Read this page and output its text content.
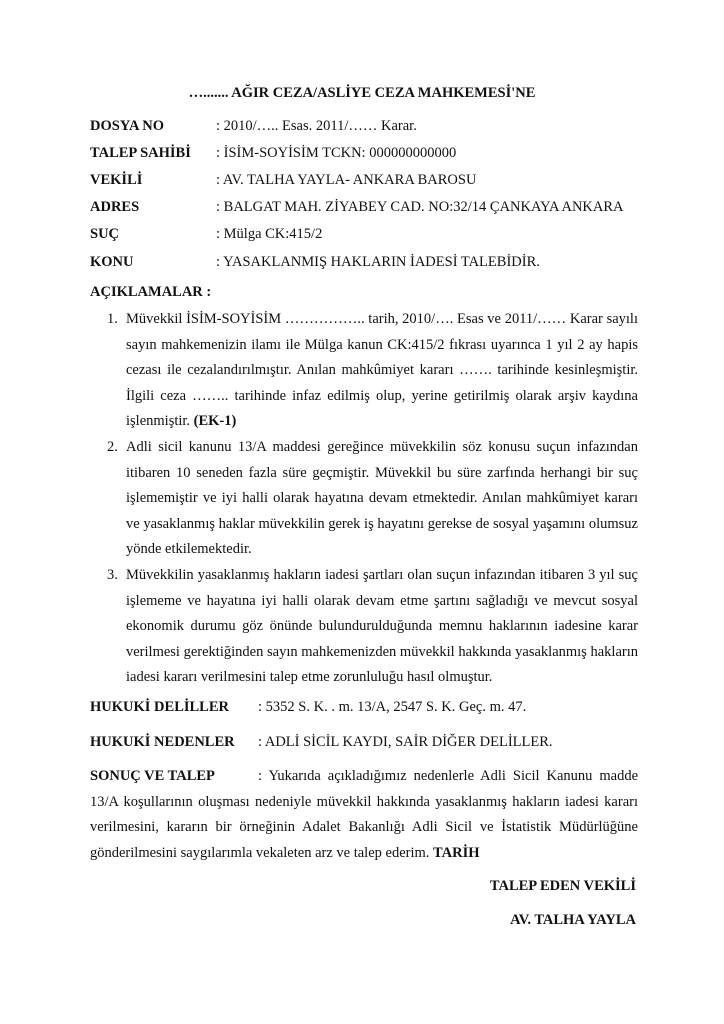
…....... AĞIR CEZA/ASLİYE CEZA MAHKEMESİ'NE
DOSYA NO	: 2010/….. Esas. 2011/…… Karar.
TALEP SAHİBİ : İSİM-SOYİSİM TCKN: 000000000000
VEKİLİ	: AV. TALHA YAYLA- ANKARA BAROSU
ADRES	: BALGAT MAH. ZİYABEY CAD. NO:32/14 ÇANKAYA ANKARA
SUÇ	: Mülga CK:415/2
KONU	: YASAKLANMIŞ HAKLARIN İADESİ TALEBİDİR.
AÇIKLAMALAR :
1. Müvekkil İSİM-SOYİSİM …………….. tarih, 2010/…. Esas ve 2011/…… Karar sayılı sayın mahkemenizin ilamı ile Mülga kanun CK:415/2 fıkrası uyarınca 1 yıl 2 ay hapis cezası ile cezalandırılmıştır. Anılan mahkûmiyet kararı ……. tarihinde kesinleşmiştir. İlgili ceza …….. tarihinde infaz edilmiş olup, yerine getirilmiş olarak arşiv kaydına işlenmiştir. (EK-1)
2. Adli sicil kanunu 13/A maddesi gereğince müvekkilin söz konusu suçun infazından itibaren 10 seneden fazla süre geçmiştir. Müvekkil bu süre zarfında herhangi bir suç işlememiştir ve iyi halli olarak hayatına devam etmektedir. Anılan mahkûmiyet kararı ve yasaklanmış haklar müvekkilin gerek iş hayatını gerekse de sosyal yaşamını olumsuz yönde etkilemektedir.
3. Müvekkilin yasaklanmış hakların iadesi şartları olan suçun infazından itibaren 3 yıl suç işlememe ve hayatına iyi halli olarak devam etme şartını sağladığı ve mevcut sosyal ekonomik durumu göz önünde bulundurulduğunda memnu haklarının iadesine karar verilmesi gerektiğinden sayın mahkemenizden müvekkil hakkında yasaklanmış hakların iadesi kararı verilmesini talep etme zorunluluğu hasıl olmuştur.
HUKUKİ DELİLLER : 5352 S. K. . m. 13/A, 2547 S. K. Geç. m. 47.
HUKUKİ NEDENLER : ADLİ SİCİL KAYDI, SAİR DİĞER DELİLLER.
SONUÇ VE TALEP	: Yukarıda açıkladığımız nedenlerle Adli Sicil Kanunu madde 13/A koşullarının oluşması nedeniyle müvekkil hakkında yasaklanmış hakların iadesi kararı verilmesini, kararın bir örneğinin Adalet Bakanlığı Adli Sicil ve İstatistik Müdürlüğüne gönderilmesini saygılarımla vekaleten arz ve talep ederim. TARİH
TALEP EDEN VEKİLİ
AV. TALHA YAYLA
